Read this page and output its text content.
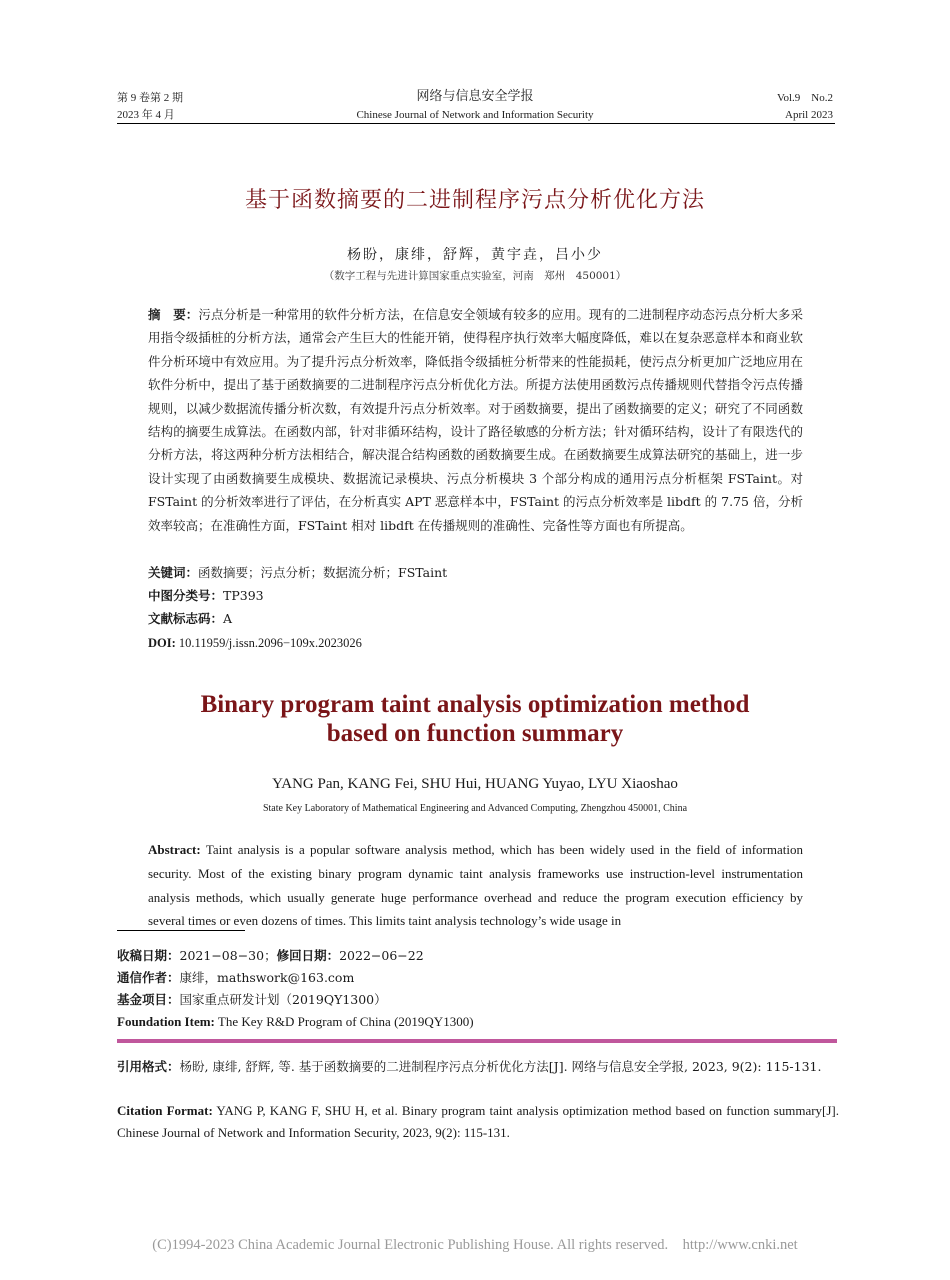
第 9 卷第 2 期
2023 年 4 月
网络与信息安全学报
Chinese Journal of Network and Information Security
Vol.9　No.2
April 2023
基于函数摘要的二进制程序污点分析优化方法
杨盼，康绯，舒辉，黄宇垚，吕小少
（数字工程与先进计算国家重点实验室，河南　郑州　450001）
摘　要：污点分析是一种常用的软件分析方法，在信息安全领域有较多的应用。现有的二进制程序动态污点分析大多采用指令级插桩的分析方法，通常会产生巨大的性能开销，使得程序执行效率大幅度降低，难以在复杂恶意样本和商业软件分析环境中有效应用。为了提升污点分析效率，降低指令级插桩分析带来的性能损耗，使污点分析更加广泛地应用在软件分析中，提出了基于函数摘要的二进制程序污点分析优化方法。所提方法使用函数污点传播规则代替指令污点传播规则，以减少数据流传播分析次数，有效提升污点分析效率。对于函数摘要，提出了函数摘要的定义；研究了不同函数结构的摘要生成算法。在函数内部，针对非循环结构，设计了路径敏感的分析方法；针对循环结构，设计了有限迭代的分析方法，将这两种分析方法相结合，解决混合结构函数的函数摘要生成。在函数摘要生成算法研究的基础上，进一步设计实现了由函数摘要生成模块、数据流记录模块、污点分析模块 3 个部分构成的通用污点分析框架 FSTaint。对 FSTaint 的分析效率进行了评估，在分析真实 APT 恶意样本中，FSTaint 的污点分析效率是 libdft 的 7.75 倍，分析效率较高；在准确性方面，FSTaint 相对 libdft 在传播规则的准确性、完备性等方面也有所提高。
关键词：函数摘要；污点分析；数据流分析；FSTaint
中图分类号：TP393
文献标志码：A
DOI: 10.11959/j.issn.2096−109x.2023026
Binary program taint analysis optimization method
based on function summary
YANG Pan, KANG Fei, SHU Hui, HUANG Yuyao, LYU Xiaoshao
State Key Laboratory of Mathematical Engineering and Advanced Computing, Zhengzhou 450001, China
Abstract: Taint analysis is a popular software analysis method, which has been widely used in the field of information security. Most of the existing binary program dynamic taint analysis frameworks use instruction-level instrumentation analysis methods, which usually generate huge performance overhead and reduce the program execution efficiency by several times or even dozens of times. This limits taint analysis technology’s wide usage in
收稿日期：2021−08−30；修回日期：2022−06−22
通信作者：康绯，mathswork@163.com
基金项目：国家重点研发计划（2019QY1300）
Foundation Item: The Key R&D Program of China (2019QY1300)
引用格式：杨盼, 康绯, 舒辉, 等. 基于函数摘要的二进制程序污点分析优化方法[J]. 网络与信息安全学报, 2023, 9(2): 115-131.
Citation Format: YANG P, KANG F, SHU H, et al. Binary program taint analysis optimization method based on function summary[J]. Chinese Journal of Network and Information Security, 2023, 9(2): 115-131.
(C)1994-2023 China Academic Journal Electronic Publishing House. All rights reserved.　http://www.cnki.net
